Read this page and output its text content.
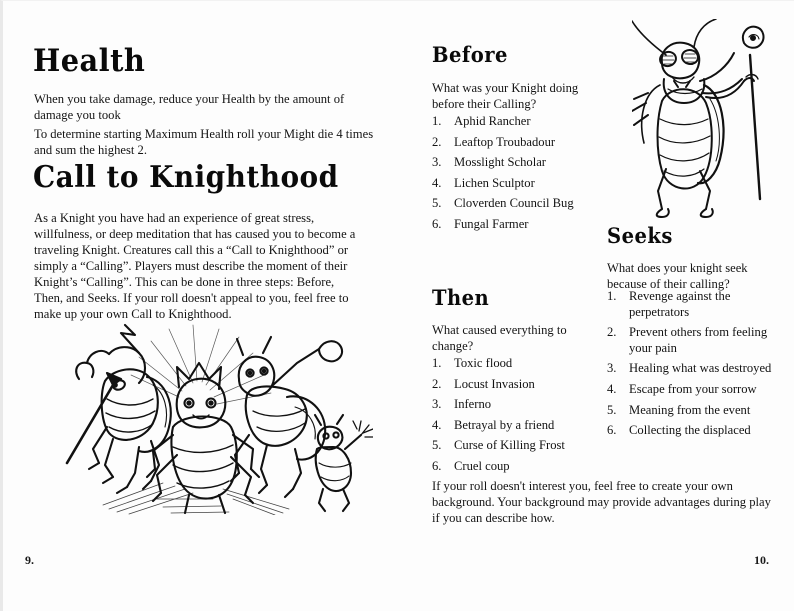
Health

When you take damage, reduce your Health by the amount of damage you took

To determine starting Maximum Health roll your Might die 4 times and sum the highest 2.

Call to Knighthood

As a Knight you have had an experience of great stress, willfulness, or deep meditation that has caused you to become a traveling Knight. Creatures call this a “Call to Knighthood” or simply a “Calling”. Players must describe the moment of their Knight’s “Calling”. This can be done in three steps: Before, Then, and Seeks. If your roll doesn't appeal to you, feel free to make up your own Call to Knighthood.

9.
Before

What was your Knight doing before their Calling?

1. Aphid Rancher
2. Leaftop Troubadour
3. Mosslight Scholar
4. Lichen Sculptor
5. Cloverden Council Bug
6. Fungal Farmer
Then

What caused everything to change?

1. Toxic flood
2. Locust Invasion
3. Inferno
4. Betrayal by a friend
5. Curse of Killing Frost
6. Cruel coup
Seeks

What does your knight seek because of their calling?

1. Revenge against the perpetrators
2. Prevent others from feeling your pain
3. Healing what was destroyed
4. Escape from your sorrow
5. Meaning from the event
6. Collecting the displaced

If your roll doesn't interest you, feel free to create your own background. Your background may provide advantages during play if you can describe how.

10.
